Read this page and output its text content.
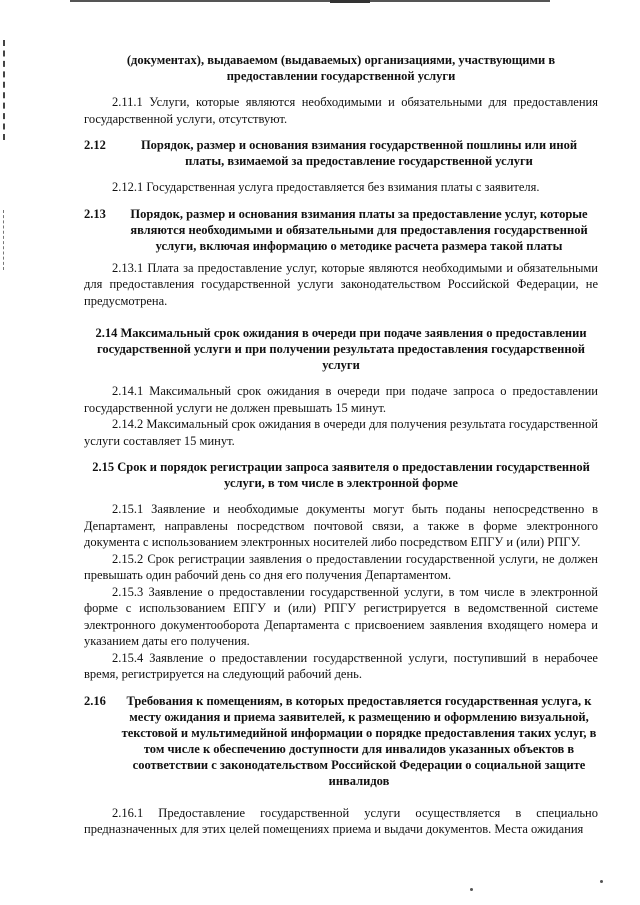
(документах), выдаваемом (выдаваемых) организациями, участвующими в предоставлении государственной услуги

2.11.1 Услуги, которые являются необходимыми и обязательными для предоставления государственной услуги, отсутствуют.

2.12	Порядок, размер и основания взимания государственной пошлины или иной платы, взимаемой за предоставление государственной услуги

2.12.1 Государственная услуга предоставляется без взимания платы с заявителя.

2.13	Порядок, размер и основания взимания платы за предоставление услуг, которые являются необходимыми и обязательными для предоставления государственной услуги, включая информацию о методике расчета размера такой платы

2.13.1 Плата за предоставление услуг, которые являются необходимыми и обязательными для предоставления государственной услуги законодательством Российской Федерации, не предусмотрена.

2.14 Максимальный срок ожидания в очереди при подаче заявления о предоставлении государственной услуги и при получении результата предоставления государственной услуги

2.14.1 Максимальный срок ожидания в очереди при подаче запроса о предоставлении государственной услуги не должен превышать 15 минут.

2.14.2 Максимальный срок ожидания в очереди для получения результата государственной услуги составляет 15 минут.

2.15 Срок и порядок регистрации запроса заявителя о предоставлении государственной услуги, в том числе в электронной форме

2.15.1 Заявление и необходимые документы могут быть поданы непосредственно в Департамент, направлены посредством почтовой связи, а также в форме электронного документа с использованием электронных носителей либо посредством ЕПГУ и (или) РПГУ.

2.15.2 Срок регистрации заявления о предоставлении государственной услуги, не должен превышать один рабочий день со дня его получения Департаментом.

2.15.3 Заявление о предоставлении государственной услуги, в том числе в электронной форме с использованием ЕПГУ и (или) РПГУ регистрируется в ведомственной системе электронного документооборота Департамента с присвоением заявления входящего номера и указанием даты его получения.

2.15.4 Заявление о предоставлении государственной услуги, поступивший в нерабочее время, регистрируется на следующий рабочий день.

2.16	Требования к помещениям, в которых предоставляется государственная услуга, к месту ожидания и приема заявителей, к размещению и оформлению визуальной, текстовой и мультимедийной информации о порядке предоставления таких услуг, в том числе к обеспечению доступности для инвалидов указанных объектов в соответствии с законодательством Российской Федерации о социальной защите инвалидов

2.16.1 Предоставление государственной услуги осуществляется в специально предназначенных для этих целей помещениях приема и выдачи документов. Места ожидания
